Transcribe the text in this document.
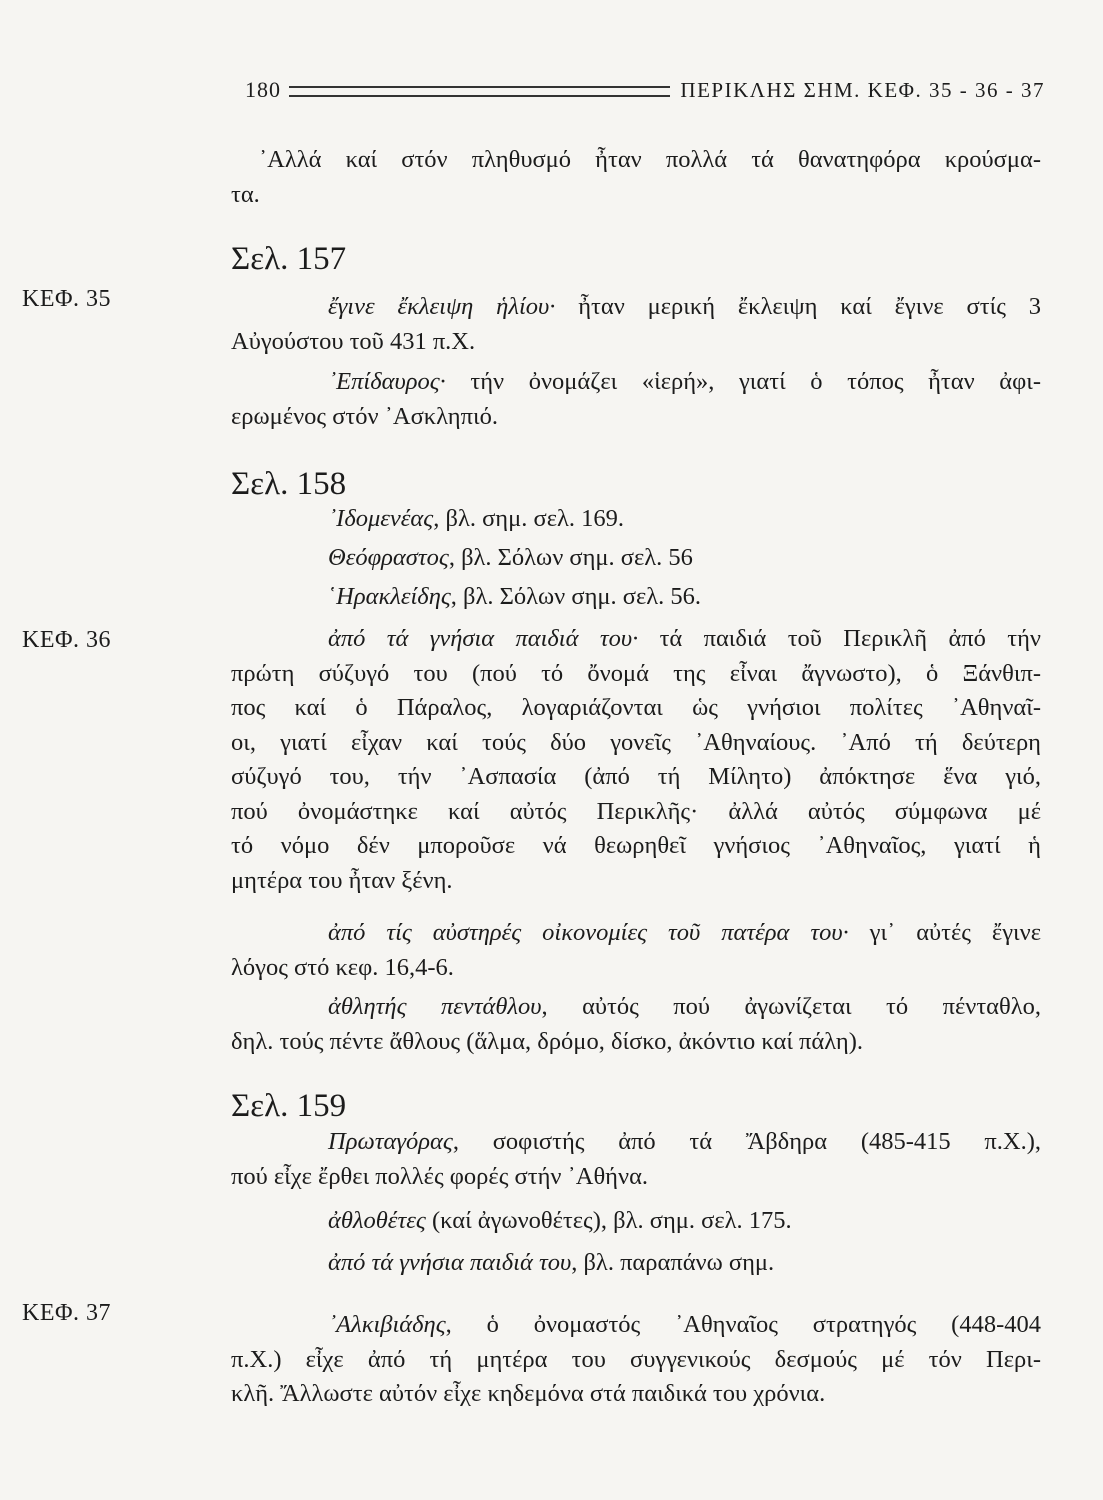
180	ΠΕΡΙΚΛΗΣ ΣΗΜ. ΚΕΦ. 35 - 36 - 37
ΚΕΦ. 35
ΚΕΦ. 36
ΚΕΦ. 37
᾽Αλλά καί στόν πληθυσμό ἦταν πολλά τά θανατηφόρα κρούσμα-
τα.
Σελ. 157
ἔγινε ἔκλειψη ἡλίου· ἦταν μερική ἔκλειψη καί ἔγινε στίς 3
Αὐγούστου τοῦ 431 π.Χ.
᾽Επίδαυρος· τήν ὀνομάζει «ἱερή», γιατί ὁ τόπος ἦταν ἀφι-
ερωμένος στόν ᾽Ασκληπιό.
Σελ. 158
᾽Ιδομενέας, βλ. σημ. σελ. 169.
Θεόφραστος, βλ. Σόλων σημ. σελ. 56
῾Ηρακλείδης, βλ. Σόλων σημ. σελ. 56.
ἀπό τά γνήσια παιδιά του· τά παιδιά τοῦ Περικλῆ ἀπό τήν
πρώτη σύζυγό του (πού τό ὄνομά της εἶναι ἄγνωστο), ὁ Ξάνθιπ-
πος καί ὁ Πάραλος, λογαριάζονται ὡς γνήσιοι πολίτες ᾽Αθηναῖ-
οι, γιατί εἶχαν καί τούς δύο γονεῖς ᾽Αθηναίους. ᾽Από τή δεύτερη
σύζυγό του, τήν ᾽Ασπασία (ἀπό τή Μίλητο) ἀπόκτησε ἕνα γιό,
πού ὀνομάστηκε καί αὐτός Περικλῆς· ἀλλά αὐτός σύμφωνα μέ
τό νόμο δέν μποροῦσε νά θεωρηθεῖ γνήσιος ᾽Αθηναῖος, γιατί ἡ
μητέρα του ἦταν ξένη.
ἀπό τίς αὐστηρές οἰκονομίες τοῦ πατέρα του· γι᾽ αὐτές ἔγινε
λόγος στό κεφ. 16,4-6.
ἀθλητής πεντάθλου, αὐτός πού ἀγωνίζεται τό πένταθλο,
δηλ. τούς πέντε ἄθλους (ἅλμα, δρόμο, δίσκο, ἀκόντιο καί πάλη).
Σελ. 159
Πρωταγόρας, σοφιστής ἀπό τά Ἄβδηρα (485-415 π.Χ.),
πού εἶχε ἔρθει πολλές φορές στήν ᾽Αθήνα.
ἀθλοθέτες (καί ἀγωνοθέτες), βλ. σημ. σελ. 175.
ἀπό τά γνήσια παιδιά του, βλ. παραπάνω σημ.
᾽Αλκιβιάδης, ὁ ὀνομαστός ᾽Αθηναῖος στρατηγός (448-404
π.Χ.) εἶχε ἀπό τή μητέρα του συγγενικούς δεσμούς μέ τόν Περι-
κλῆ. Ἄλλωστε αὐτόν εἶχε κηδεμόνα στά παιδικά του χρόνια.
